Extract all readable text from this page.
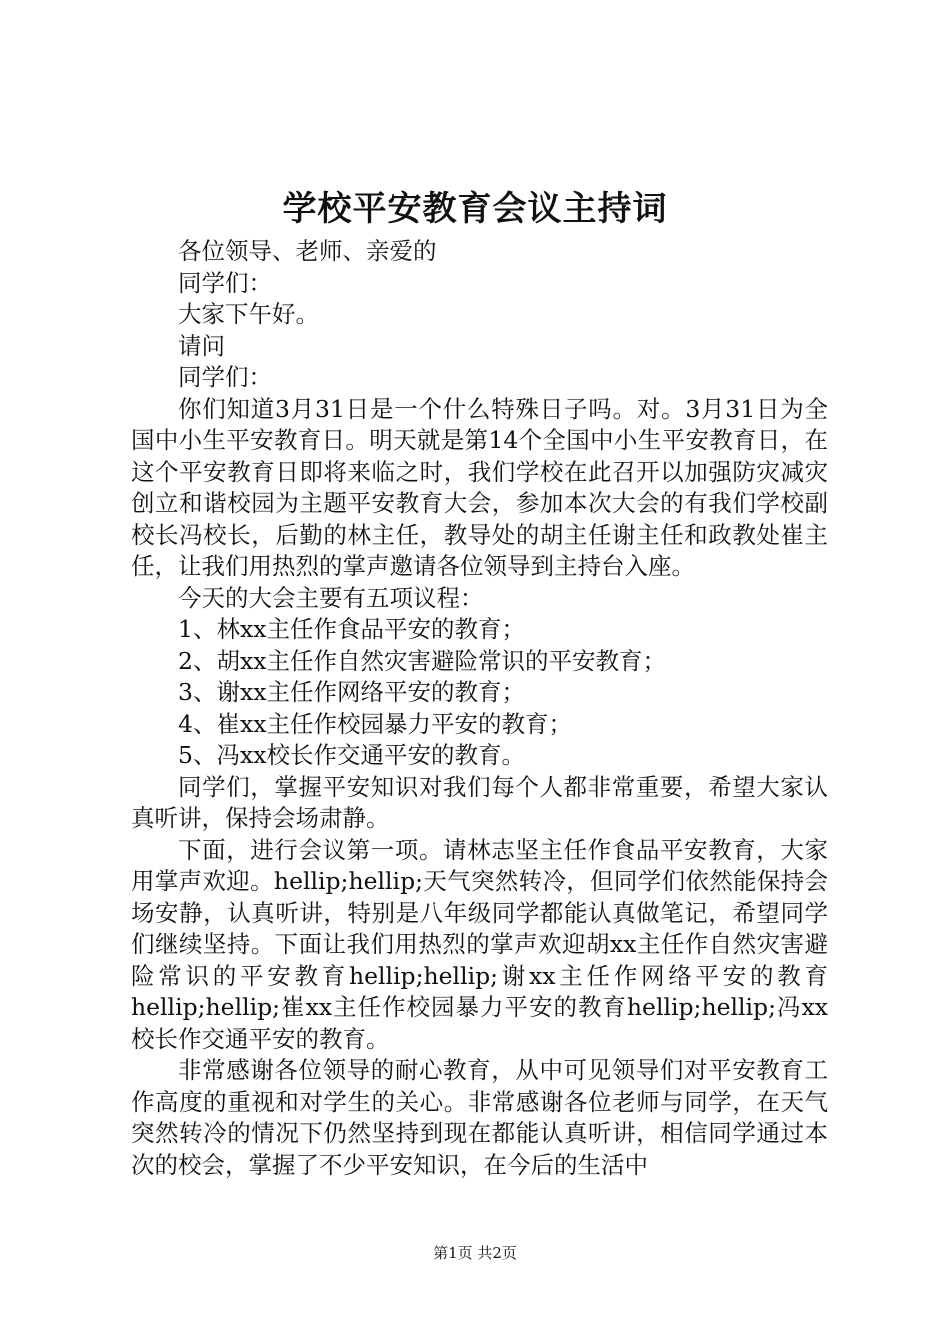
学校平安教育会议主持词

各位领导、老师、亲爱的

同学们：

大家下午好。

请问

同学们：

你们知道3月31日是一个什么特殊日子吗。对。3月31日为全国中小生平安教育日。明天就是第14个全国中小生平安教育日，在这个平安教育日即将来临之时，我们学校在此召开以加强防灾减灾创立和谐校园为主题平安教育大会，参加本次大会的有我们学校副校长冯校长，后勤的林主任，教导处的胡主任谢主任和政教处崔主任，让我们用热烈的掌声邀请各位领导到主持台入座。

今天的大会主要有五项议程：

1、林xx主任作食品平安的教育；

2、胡xx主任作自然灾害避险常识的平安教育；

3、谢xx主任作网络平安的教育；

4、崔xx主任作校园暴力平安的教育；

5、冯xx校长作交通平安的教育。

同学们，掌握平安知识对我们每个人都非常重要，希望大家认真听讲，保持会场肃静。

下面，进行会议第一项。请林志坚主任作食品平安教育，大家用掌声欢迎。hellip;hellip;天气突然转冷，但同学们依然能保持会场安静，认真听讲，特别是八年级同学都能认真做笔记，希望同学们继续坚持。下面让我们用热烈的掌声欢迎胡xx主任作自然灾害避险常识的平安教育hellip;hellip;谢xx主任作网络平安的教育hellip;hellip;崔xx主任作校园暴力平安的教育hellip;hellip;冯xx校长作交通平安的教育。

非常感谢各位领导的耐心教育，从中可见领导们对平安教育工作高度的重视和对学生的关心。非常感谢各位老师与同学，在天气突然转冷的情况下仍然坚持到现在都能认真听讲，相信同学通过本次的校会，掌握了不少平安知识，在今后的生活中

第1页 共2页
